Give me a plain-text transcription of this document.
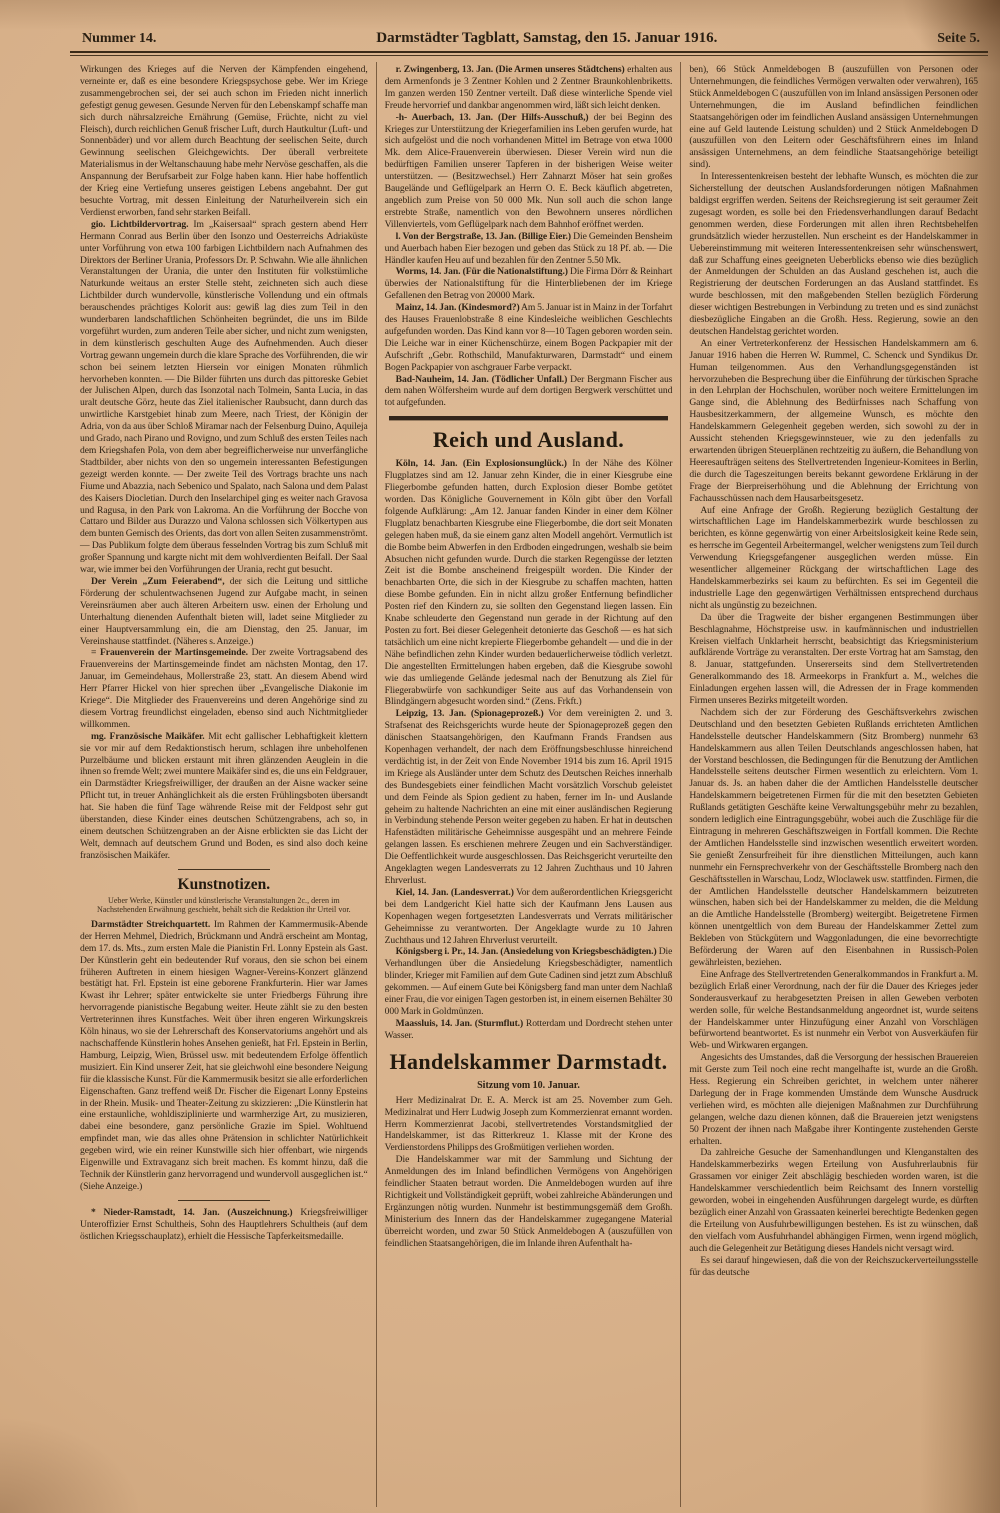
Nummer 14.	Darmstädter Tagblatt, Samstag, den 15. Januar 1916.	Seite 5.

Wirkungen des Krieges auf die Nerven der Kämpfenden eingehend, verneinte er, daß es eine besondere Kriegspsychose gebe. Wer im Kriege zusammengebrochen sei, der sei auch schon im Frieden nicht innerlich gefestigt genug gewesen. Gesunde Nerven für den Lebenskampf schaffe man sich durch nährsalzreiche Ernährung (Gemüse, Früchte, nicht zu viel Fleisch), durch reichlichen Genuß frischer Luft, durch Hautkultur (Luft- und Sonnenbäder) und vor allem durch Beachtung der seelischen Seite, durch Gewinnung seelischen Gleichgewichts. Der überall verbreitete Materialismus in der Weltanschauung habe mehr Nervöse geschaffen, als die Anspannung der Berufsarbeit zur Folge haben kann. Hier habe hoffentlich der Krieg eine Vertiefung unseres geistigen Lebens angebahnt. Der gut besuchte Vortrag, mit dessen Einleitung der Naturheilverein sich ein Verdienst erworben, fand sehr starken Beifall.

gio. Lichtbildervortrag. Im „Kaisersaal“ sprach gestern abend Herr Hermann Conrad aus Berlin über den Isonzo und Oesterreichs Adriaküste unter Vorführung von etwa 100 farbigen Lichtbildern nach Aufnahmen des Direktors der Berliner Urania, Professors Dr. P. Schwahn. Wie alle ähnlichen Veranstaltungen der Urania, die unter den Instituten für volkstümliche Naturkunde weitaus an erster Stelle steht, zeichneten sich auch diese Lichtbilder durch wundervolle, künstlerische Vollendung und ein oftmals berauschendes prächtiges Kolorit aus: gewiß lag dies zum Teil in den wunderbaren landschaftlichen Schönheiten begründet, die uns im Bilde vorgeführt wurden, zum anderen Teile aber sicher, und nicht zum wenigsten, in dem künstlerisch geschulten Auge des Aufnehmenden. Auch dieser Vortrag gewann ungemein durch die klare Sprache des Vorführenden, die wir schon bei seinem letzten Hiersein vor einigen Monaten rühmlich hervorheben konnten. — Die Bilder führten uns durch das pittoreske Gebiet der Julischen Alpen, durch das Isonzotal nach Tolmein, Santa Lucia, in das uralt deutsche Görz, heute das Ziel italienischer Raubsucht, dann durch das unwirtliche Karstgebiet hinab zum Meere, nach Triest, der Königin der Adria, von da aus über Schloß Miramar nach der Felsenburg Duino, Aquileja und Grado, nach Pirano und Rovigno, und zum Schluß des ersten Teiles nach dem Kriegshafen Pola, von dem aber begreiflicherweise nur unverfängliche Stadtbilder, aber nichts von den so ungemein interessanten Befestigungen gezeigt werden konnte. — Der zweite Teil des Vortrags brachte uns nach Fiume und Abazzia, nach Sebenico und Spalato, nach Salona und dem Palast des Kaisers Diocletian. Durch den Inselarchipel ging es weiter nach Gravosa und Ragusa, in den Park von Lakroma. An die Vorführung der Bocche von Cattaro und Bilder aus Durazzo und Valona schlossen sich Völkertypen aus dem bunten Gemisch des Orients, das dort von allen Seiten zusammenströmt. — Das Publikum folgte dem überaus fesselnden Vortrag bis zum Schluß mit großer Spannung und kargte nicht mit dem wohlverdienten Beifall. Der Saal war, wie immer bei den Vorführungen der Urania, recht gut besucht.

Der Verein „Zum Feierabend“, der sich die Leitung und sittliche Förderung der schulentwachsenen Jugend zur Aufgabe macht, in seinen Vereinsräumen aber auch älteren Arbeitern usw. einen der Erholung und Unterhaltung dienenden Aufenthalt bieten will, ladet seine Mitglieder zu einer Hauptversammlung ein, die am Dienstag, den 25. Januar, im Vereinshause stattfindet. (Näheres s. Anzeige.)

= Frauenverein der Martinsgemeinde. Der zweite Vortragsabend des Frauenvereins der Martinsgemeinde findet am nächsten Montag, den 17. Januar, im Gemeindehaus, Mollerstraße 23, statt. An diesem Abend wird Herr Pfarrer Hickel von hier sprechen über „Evangelische Diakonie im Kriege“. Die Mitglieder des Frauenvereins und deren Angehörige sind zu diesem Vortrag freundlichst eingeladen, ebenso sind auch Nichtmitglieder willkommen.

mg. Französische Maikäfer. Mit echt gallischer Lebhaftigkeit klettern sie vor mir auf dem Redaktionstisch herum, schlagen ihre unbeholfenen Purzelbäume und blicken erstaunt mit ihren glänzenden Aeuglein in die ihnen so fremde Welt; zwei muntere Maikäfer sind es, die uns ein Feldgrauer, ein Darmstädter Kriegsfreiwilliger, der draußen an der Aisne wacker seine Pflicht tut, in treuer Anhänglichkeit als die ersten Frühlingsboten übersandt hat. Sie haben die fünf Tage währende Reise mit der Feldpost sehr gut überstanden, diese Kinder eines deutschen Schützengrabens, ach so, in einem deutschen Schützengraben an der Aisne erblickten sie das Licht der Welt, demnach auf deutschem Grund und Boden, es sind also doch keine französischen Maikäfer.

Kunstnotizen.
Ueber Werke, Künstler und künstlerische Veranstaltungen 2c., deren im Nachstehenden Erwähnung geschieht, behält sich die Redaktion ihr Urteil vor.

Darmstädter Streichquartett. Im Rahmen der Kammermusik-Abende der Herren Mehmel, Diedrich, Brückmann und Andrä erscheint am Montag, dem 17. ds. Mts., zum ersten Male die Pianistin Frl. Lonny Epstein als Gast. Der Künstlerin geht ein bedeutender Ruf voraus, den sie schon bei einem früheren Auftreten in einem hiesigen Wagner-Vereins-Konzert glänzend bestätigt hat. Frl. Epstein ist eine geborene Frankfurterin. Hier war James Kwast ihr Lehrer; später entwickelte sie unter Friedbergs Führung ihre hervorragende pianistische Begabung weiter. Heute zählt sie zu den besten Vertreterinnen ihres Kunstfaches. Weit über ihren engeren Wirkungskreis Köln hinaus, wo sie der Lehrerschaft des Konservatoriums angehört und als nachschaffende Künstlerin hohes Ansehen genießt, hat Frl. Epstein in Berlin, Hamburg, Leipzig, Wien, Brüssel usw. mit bedeutendem Erfolge öffentlich musiziert. Ein Kind unserer Zeit, hat sie gleichwohl eine besondere Neigung für die klassische Kunst. Für die Kammermusik besitzt sie alle erforderlichen Eigenschaften. Ganz treffend weiß Dr. Fischer die Eigenart Lonny Epsteins in der Rhein. Musik- und Theater-Zeitung zu skizzieren: „Die Künstlerin hat eine erstaunliche, wohldisziplinierte und warmherzige Art, zu musizieren, dabei eine besondere, ganz persönliche Grazie im Spiel. Wohltuend empfindet man, wie das alles ohne Prätension in schlichter Natürlichkeit gegeben wird, wie ein reiner Kunstwille sich hier offenbart, wie nirgends Eigenwille und Extravaganz sich breit machen. Es kommt hinzu, daß die Technik der Künstlerin ganz hervorragend und wundervoll ausgeglichen ist.“ (Siehe Anzeige.)

* Nieder-Ramstadt, 14. Jan. (Auszeichnung.) Kriegsfreiwilliger Unteroffizier Ernst Schultheis, Sohn des Hauptlehrers Schultheis (auf dem östlichen Kriegsschauplatz), erhielt die Hessische Tapferkeitsmedaille.

r. Zwingenberg, 13. Jan. (Die Armen unseres Städtchens) erhalten aus dem Armenfonds je 3 Zentner Kohlen und 2 Zentner Braunkohlenbriketts. Im ganzen werden 150 Zentner verteilt. Daß diese winterliche Spende viel Freude hervorrief und dankbar angenommen wird, läßt sich leicht denken.

-h- Auerbach, 13. Jan. (Der Hilfs-Ausschuß,) der bei Beginn des Krieges zur Unterstützung der Kriegerfamilien ins Leben gerufen wurde, hat sich aufgelöst und die noch vorhandenen Mittel im Betrage von etwa 1000 Mk. dem Alice-Frauenverein überwiesen. Dieser Verein wird nun die bedürftigen Familien unserer Tapferen in der bisherigen Weise weiter unterstützen. — (Besitzwechsel.) Herr Zahnarzt Möser hat sein großes Baugelände und Geflügelpark an Herrn O. E. Beck käuflich abgetreten, angeblich zum Preise von 50 000 Mk. Nun soll auch die schon lange erstrebte Straße, namentlich von den Bewohnern unseres nördlichen Villenviertels, vom Geflügelpark nach dem Bahnhof eröffnet werden.

l. Von der Bergstraße, 13. Jan. (Billige Eier.) Die Gemeinden Bensheim und Auerbach haben Eier bezogen und geben das Stück zu 18 Pf. ab. — Die Händler kaufen Heu auf und bezahlen für den Zentner 5.50 Mk.

Worms, 14. Jan. (Für die Nationalstiftung.) Die Firma Dörr & Reinhart überwies der Nationalstiftung für die Hinterbliebenen der im Kriege Gefallenen den Betrag von 20000 Mark.

Mainz, 14. Jan. (Kindesmord?) Am 5. Januar ist in Mainz in der Torfahrt des Hauses Frauenlobstraße 8 eine Kindesleiche weiblichen Geschlechts aufgefunden worden. Das Kind kann vor 8—10 Tagen geboren worden sein. Die Leiche war in einer Küchenschürze, einem Bogen Packpapier mit der Aufschrift „Gebr. Rothschild, Manufakturwaren, Darmstadt“ und einem Bogen Packpapier von aschgrauer Farbe verpackt.

Bad-Nauheim, 14. Jan. (Tödlicher Unfall.) Der Bergmann Fischer aus dem nahen Wölfersheim wurde auf dem dortigen Bergwerk verschüttet und tot aufgefunden.

Reich und Ausland.

Köln, 14. Jan. (Ein Explosionsunglück.) In der Nähe des Kölner Flugplatzes sind am 12. Januar zehn Kinder, die in einer Kiesgrube eine Fliegerbombe gefunden hatten, durch Explosion dieser Bombe getötet worden. Das Königliche Gouvernement in Köln gibt über den Vorfall folgende Aufklärung: „Am 12. Januar fanden Kinder in einer dem Kölner Flugplatz benachbarten Kiesgrube eine Fliegerbombe, die dort seit Monaten gelegen haben muß, da sie einem ganz alten Modell angehört. Vermutlich ist die Bombe beim Abwerfen in den Erdboden eingedrungen, weshalb sie beim Absuchen nicht gefunden wurde. Durch die starken Regengüsse der letzten Zeit ist die Bombe anscheinend freigespült worden. Die Kinder der benachbarten Orte, die sich in der Kiesgrube zu schaffen machten, hatten diese Bombe gefunden. Ein in nicht allzu großer Entfernung befindlicher Posten rief den Kindern zu, sie sollten den Gegenstand liegen lassen. Ein Knabe schleuderte den Gegenstand nun gerade in der Richtung auf den Posten zu fort. Bei dieser Gelegenheit detonierte das Geschoß — es hat sich tatsächlich um eine nicht krepierte Fliegerbombe gehandelt — und die in der Nähe befindlichen zehn Kinder wurden bedauerlicherweise tödlich verletzt. Die angestellten Ermittelungen haben ergeben, daß die Kiesgrube sowohl wie das umliegende Gelände jedesmal nach der Benutzung als Ziel für Fliegerabwürfe von sachkundiger Seite aus auf das Vorhandensein von Blindgängern abgesucht worden sind.“ (Zens. Frkft.)

Leipzig, 13. Jan. (Spionageprozeß.) Vor dem vereinigten 2. und 3. Strafsenat des Reichsgerichts wurde heute der Spionageprozeß gegen den dänischen Staatsangehörigen, den Kaufmann Frands Frandsen aus Kopenhagen verhandelt, der nach dem Eröffnungsbeschlusse hinreichend verdächtig ist, in der Zeit von Ende November 1914 bis zum 16. April 1915 im Kriege als Ausländer unter dem Schutz des Deutschen Reiches innerhalb des Bundesgebiets einer feindlichen Macht vorsätzlich Vorschub geleistet und dem Feinde als Spion gedient zu haben, ferner im In- und Auslande geheim zu haltende Nachrichten an eine mit einer ausländischen Regierung in Verbindung stehende Person weiter gegeben zu haben. Er hat in deutschen Hafenstädten militärische Geheimnisse ausgespäht und an mehrere Feinde gelangen lassen. Es erschienen mehrere Zeugen und ein Sachverständiger. Die Oeffentlichkeit wurde ausgeschlossen. Das Reichsgericht verurteilte den Angeklagten wegen Landesverrats zu 12 Jahren Zuchthaus und 10 Jahren Ehrverlust.

Kiel, 14. Jan. (Landesverrat.) Vor dem außerordentlichen Kriegsgericht bei dem Landgericht Kiel hatte sich der Kaufmann Jens Lausen aus Kopenhagen wegen fortgesetzten Landesverrats und Verrats militärischer Geheimnisse zu verantworten. Der Angeklagte wurde zu 10 Jahren Zuchthaus und 12 Jahren Ehrverlust verurteilt.

Königsberg i. Pr., 14. Jan. (Ansiedelung von Kriegsbeschädigten.) Die Verhandlungen über die Ansiedelung Kriegsbeschädigter, namentlich blinder, Krieger mit Familien auf dem Gute Cadinen sind jetzt zum Abschluß gekommen. — Auf einem Gute bei Königsberg fand man unter dem Nachlaß einer Frau, die vor einigen Tagen gestorben ist, in einem eisernen Behälter 30 000 Mark in Goldmünzen.

Maassluis, 14. Jan. (Sturmflut.) Rotterdam und Dordrecht stehen unter Wasser.

Handelskammer Darmstadt.
Sitzung vom 10. Januar.

Herr Medizinalrat Dr. E. A. Merck ist am 25. November zum Geh. Medizinalrat und Herr Ludwig Joseph zum Kommerzienrat ernannt worden. Herrn Kommerzienrat Jacobi, stellvertretendes Vorstandsmitglied der Handelskammer, ist das Ritterkreuz 1. Klasse mit der Krone des Verdienstordens Philipps des Großmütigen verliehen worden.

Die Handelskammer war mit der Sammlung und Sichtung der Anmeldungen des im Inland befindlichen Vermögens von Angehörigen feindlicher Staaten betraut worden. Die Anmeldebogen wurden auf ihre Richtigkeit und Vollständigkeit geprüft, wobei zahlreiche Abänderungen und Ergänzungen nötig wurden. Nunmehr ist bestimmungsgemäß dem Großh. Ministerium des Innern das der Handelskammer zugegangene Material überreicht worden, und zwar 50 Stück Anmeldebogen A (auszufüllen von feindlichen Staatsangehörigen, die im Inlande ihren Aufenthalt ha-

ben), 66 Stück Anmeldebogen B (auszufüllen von Personen oder Unternehmungen, die feindliches Vermögen verwalten oder verwahren), 165 Stück Anmeldebogen C (auszufüllen von im Inland ansässigen Personen oder Unternehmungen, die im Ausland befindlichen feindlichen Staatsangehörigen oder im feindlichen Ausland ansässigen Unternehmungen eine auf Geld lautende Leistung schulden) und 2 Stück Anmeldebogen D (auszufüllen von den Leitern oder Geschäftsführern eines im Inland ansässigen Unternehmens, an dem feindliche Staatsangehörige beteiligt sind).

In Interessentenkreisen besteht der lebhafte Wunsch, es möchten die zur Sicherstellung der deutschen Auslandsforderungen nötigen Maßnahmen baldigst ergriffen werden. Seitens der Reichsregierung ist seit geraumer Zeit zugesagt worden, es solle bei den Friedensverhandlungen darauf Bedacht genommen werden, diese Forderungen mit allen ihren Rechtsbehelfen grundsätzlich wieder herzustellen. Nun erscheint es der Handelskammer in Uebereinstimmung mit weiteren Interessentenkreisen sehr wünschenswert, daß zur Schaffung eines geeigneten Ueberblicks ebenso wie dies bezüglich der Anmeldungen der Schulden an das Ausland geschehen ist, auch die Registrierung der deutschen Forderungen an das Ausland stattfindet. Es wurde beschlossen, mit den maßgebenden Stellen bezüglich Förderung dieser wichtigen Bestrebungen in Verbindung zu treten und es sind zunächst diesbezügliche Eingaben an die Großh. Hess. Regierung, sowie an den deutschen Handelstag gerichtet worden.

An einer Vertreterkonferenz der Hessischen Handelskammern am 6. Januar 1916 haben die Herren W. Rummel, C. Schenck und Syndikus Dr. Human teilgenommen. Aus den Verhandlungsgegenständen ist hervorzuheben die Besprechung über die Einführung der türkischen Sprache in den Lehrplan der Hochschulen, worüber noch weitere Ermittelungen im Gange sind, die Ablehnung des Bedürfnisses nach Schaffung von Hausbesitzerkammern, der allgemeine Wunsch, es möchte den Handelskammern Gelegenheit gegeben werden, sich sowohl zu der in Aussicht stehenden Kriegsgewinnsteuer, wie zu den jedenfalls zu erwartenden übrigen Steuerplänen rechtzeitig zu äußern, die Behandlung von Heeresaufträgen seitens des Stellvertretenden Ingenieur-Komitees in Berlin, die durch die Tageszeitungen bereits bekannt gewordene Erklärung in der Frage der Bierpreiserhöhung und die Ablehnung der Errichtung von Fachausschüssen nach dem Hausarbeitsgesetz.

Auf eine Anfrage der Großh. Regierung bezüglich Gestaltung der wirtschaftlichen Lage im Handelskammerbezirk wurde beschlossen zu berichten, es könne gegenwärtig von einer Arbeitslosigkeit keine Rede sein, es herrsche im Gegenteil Arbeitermangel, welcher wenigstens zum Teil durch Verwendung Kriegsgefangener ausgeglichen werden müsse. Ein wesentlicher allgemeiner Rückgang der wirtschaftlichen Lage des Handelskammerbezirks sei kaum zu befürchten. Es sei im Gegenteil die industrielle Lage den gegenwärtigen Verhältnissen entsprechend durchaus nicht als ungünstig zu bezeichnen.

Da über die Tragweite der bisher ergangenen Bestimmungen über Beschlagnahme, Höchstpreise usw. in kaufmännischen und industriellen Kreisen vielfach Unklarheit herrscht, beabsichtigt das Kriegsministerium aufklärende Vorträge zu veranstalten. Der erste Vortrag hat am Samstag, den 8. Januar, stattgefunden. Unsererseits sind dem Stellvertretenden Generalkommando des 18. Armeekorps in Frankfurt a. M., welches die Einladungen ergehen lassen will, die Adressen der in Frage kommenden Firmen unseres Bezirks mitgeteilt worden.

Nachdem sich der zur Förderung des Geschäftsverkehrs zwischen Deutschland und den besetzten Gebieten Rußlands errichteten Amtlichen Handelsstelle deutscher Handelskammern (Sitz Bromberg) nunmehr 63 Handelskammern aus allen Teilen Deutschlands angeschlossen haben, hat der Vorstand beschlossen, die Bedingungen für die Benutzung der Amtlichen Handelsstelle seitens deutscher Firmen wesentlich zu erleichtern. Vom 1. Januar ds. Js. an haben daher die der Amtlichen Handelsstelle deutscher Handelskammern beigetretenen Firmen für die mit den besetzten Gebieten Rußlands getätigten Geschäfte keine Verwaltungsgebühr mehr zu bezahlen, sondern lediglich eine Eintragungsgebühr, wobei auch die Zuschläge für die Eintragung in mehreren Geschäftszweigen in Fortfall kommen. Die Rechte der Amtlichen Handelsstelle sind inzwischen wesentlich erweitert worden. Sie genießt Zensurfreiheit für ihre dienstlichen Mitteilungen, auch kann nunmehr ein Fernsprechverkehr von der Geschäftsstelle Bromberg nach den Geschäftsstellen in Warschau, Lodz, Wloclawek usw. stattfinden. Firmen, die der Amtlichen Handelsstelle deutscher Handelskammern beizutreten wünschen, haben sich bei der Handelskammer zu melden, die die Meldung an die Amtliche Handelsstelle (Bromberg) weitergibt. Beigetretene Firmen können unentgeltlich von dem Bureau der Handelskammer Zettel zum Bekleben von Stückgütern und Waggonladungen, die eine bevorrechtigte Beförderung der Waren auf den Eisenbahnen in Russisch-Polen gewährleisten, beziehen.

Eine Anfrage des Stellvertretenden Generalkommandos in Frankfurt a. M. bezüglich Erlaß einer Verordnung, nach der für die Dauer des Krieges jeder Sonderausverkauf zu herabgesetzten Preisen in allen Geweben verboten werden solle, für welche Bestandsanmeldung angeordnet ist, wurde seitens der Handelskammer unter Hinzufügung einer Anzahl von Vorschlägen befürwortend beantwortet. Es ist nunmehr ein Verbot von Ausverkäufen für Web- und Wirkwaren ergangen.

Angesichts des Umstandes, daß die Versorgung der hessischen Brauereien mit Gerste zum Teil noch eine recht mangelhafte ist, wurde an die Großh. Hess. Regierung ein Schreiben gerichtet, in welchem unter näherer Darlegung der in Frage kommenden Umstände dem Wunsche Ausdruck verliehen wird, es möchten alle diejenigen Maßnahmen zur Durchführung gelangen, welche dazu dienen können, daß die Brauereien jetzt wenigstens 50 Prozent der ihnen nach Maßgabe ihrer Kontingente zustehenden Gerste erhalten.

Da zahlreiche Gesuche der Samenhandlungen und Klenganstalten des Handelskammerbezirks wegen Erteilung von Ausfuhrerlaubnis für Grassamen vor einiger Zeit abschlägig beschieden worden waren, ist die Handelskammer verschiedentlich beim Reichsamt des Innern vorstellig geworden, wobei in eingehenden Ausführungen dargelegt wurde, es dürften bezüglich einer Anzahl von Grassaaten keinerlei berechtigte Bedenken gegen die Erteilung von Ausfuhrbewilligungen bestehen. Es ist zu wünschen, daß den vielfach vom Ausfuhrhandel abhängigen Firmen, wenn irgend möglich, auch die Gelegenheit zur Betätigung dieses Handels nicht versagt wird.

Es sei darauf hingewiesen, daß die von der Reichszuckerverteilungsstelle für das deutsche
